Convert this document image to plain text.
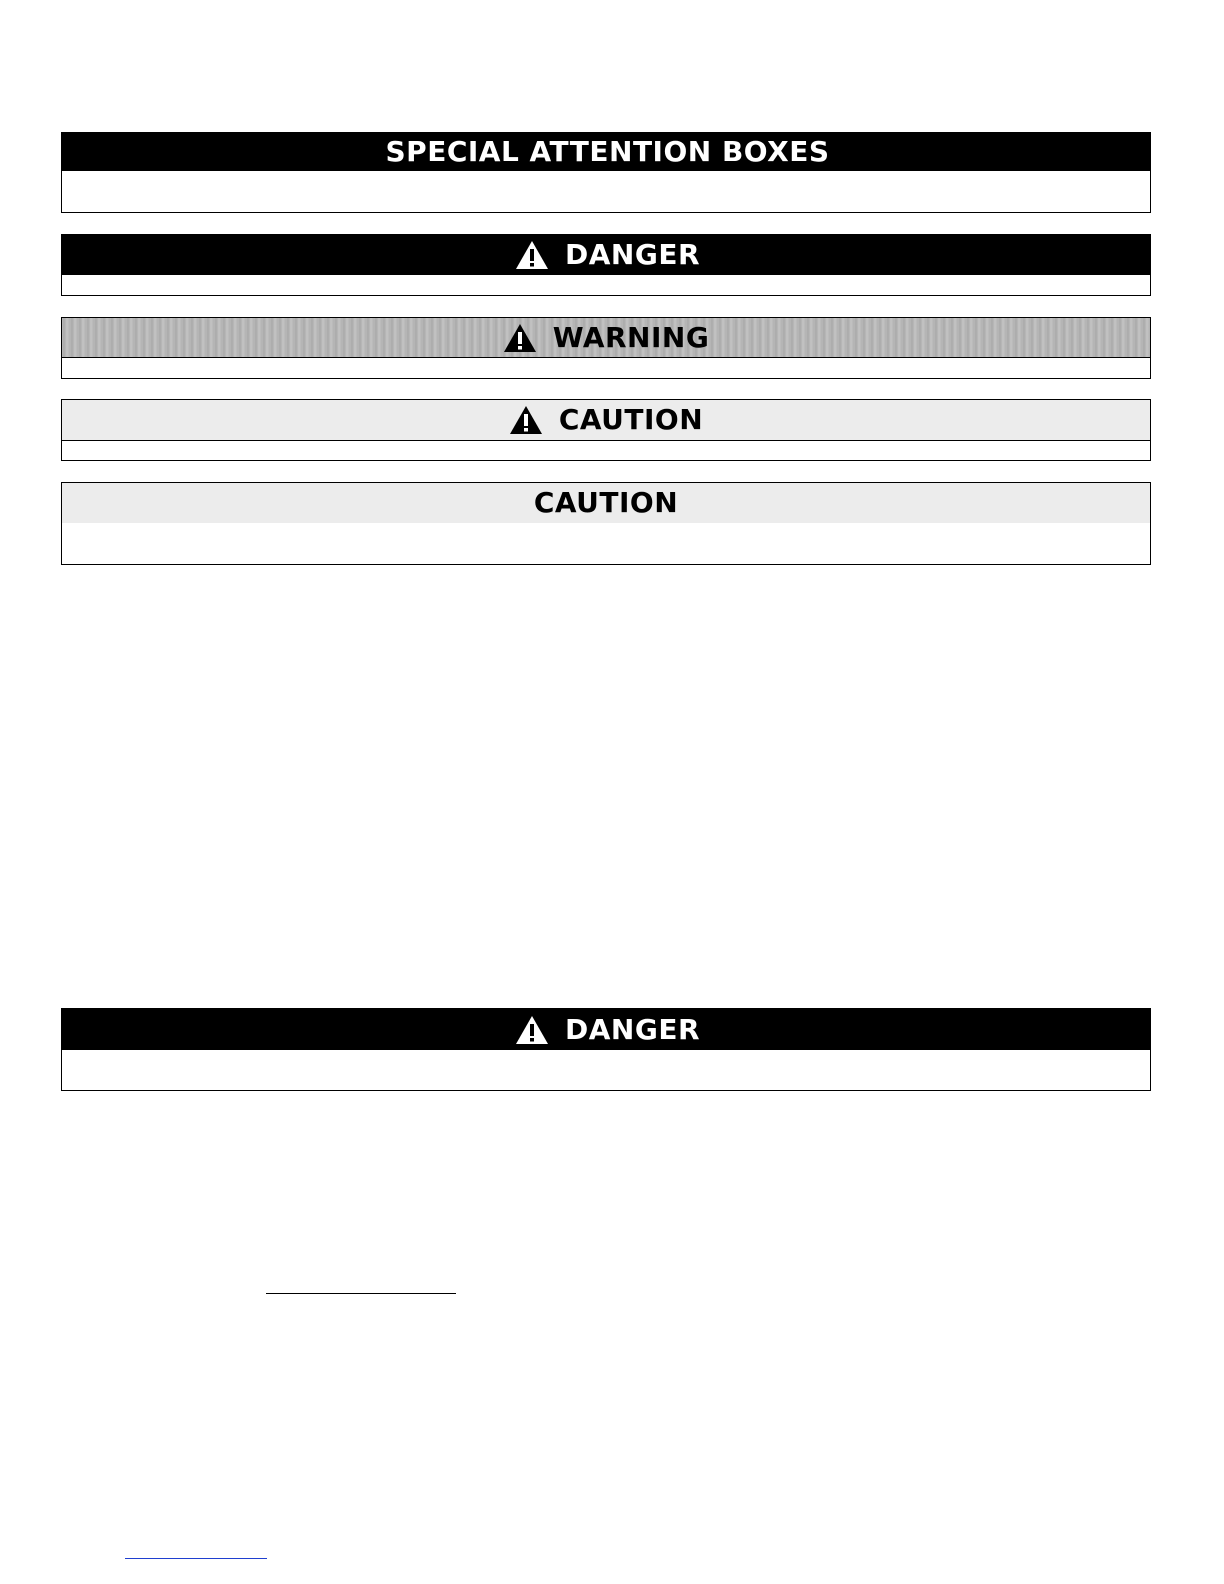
SPECIAL ATTENTION BOXES
DANGER
WARNING
CAUTION
CAUTION
DANGER
